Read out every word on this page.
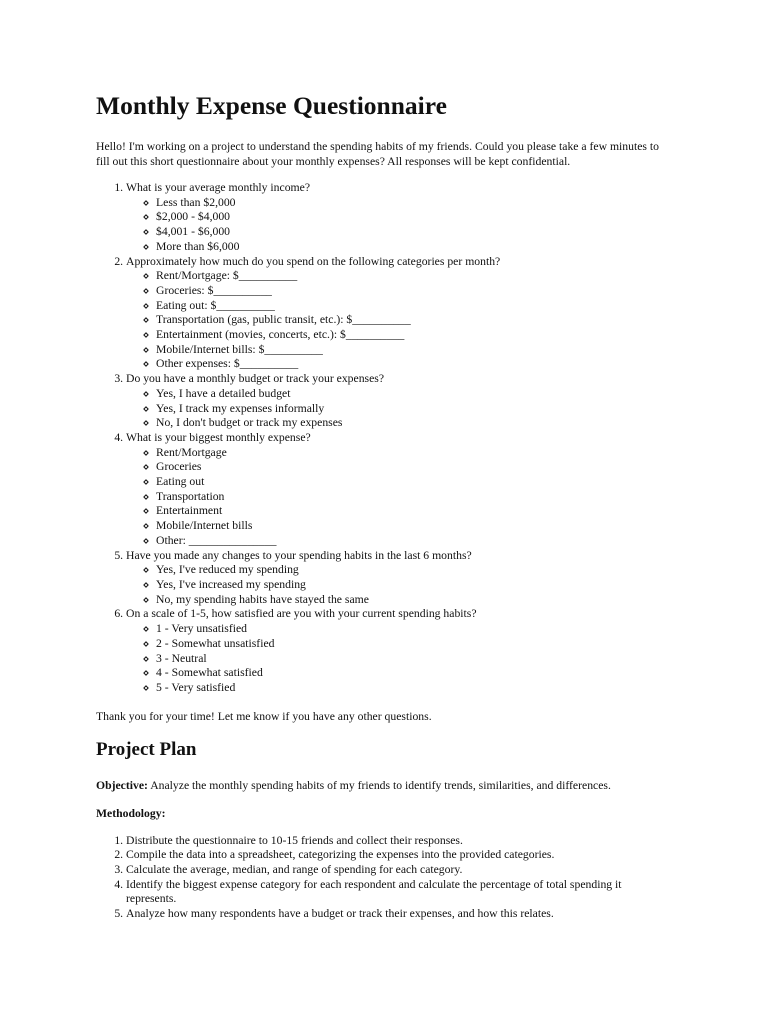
Monthly Expense Questionnaire

Hello! I'm working on a project to understand the spending habits of my friends. Could you please take a few minutes to fill out this short questionnaire about your monthly expenses? All responses will be kept confidential.

1. What is your average monthly income?
Less than $2,000
$2,000 - $4,000
$4,001 - $6,000
More than $6,000
2. Approximately how much do you spend on the following categories per month?
Rent/Mortgage: $__________
Groceries: $__________
Eating out: $__________
Transportation (gas, public transit, etc.): $__________
Entertainment (movies, concerts, etc.): $__________
Mobile/Internet bills: $__________
Other expenses: $__________
3. Do you have a monthly budget or track your expenses?
Yes, I have a detailed budget
Yes, I track my expenses informally
No, I don't budget or track my expenses
4. What is your biggest monthly expense?
Rent/Mortgage
Groceries
Eating out
Transportation
Entertainment
Mobile/Internet bills
Other: _______________
5. Have you made any changes to your spending habits in the last 6 months?
Yes, I've reduced my spending
Yes, I've increased my spending
No, my spending habits have stayed the same
6. On a scale of 1-5, how satisfied are you with your current spending habits?
1 - Very unsatisfied
2 - Somewhat unsatisfied
3 - Neutral
4 - Somewhat satisfied
5 - Very satisfied

Thank you for your time! Let me know if you have any other questions.

Project Plan

Objective: Analyze the monthly spending habits of my friends to identify trends, similarities, and differences.

Methodology:

1. Distribute the questionnaire to 10-15 friends and collect their responses.
2. Compile the data into a spreadsheet, categorizing the expenses into the provided categories.
3. Calculate the average, median, and range of spending for each category.
4. Identify the biggest expense category for each respondent and calculate the percentage of total spending it represents.
5. Analyze how many respondents have a budget or track their expenses, and how this relates.
